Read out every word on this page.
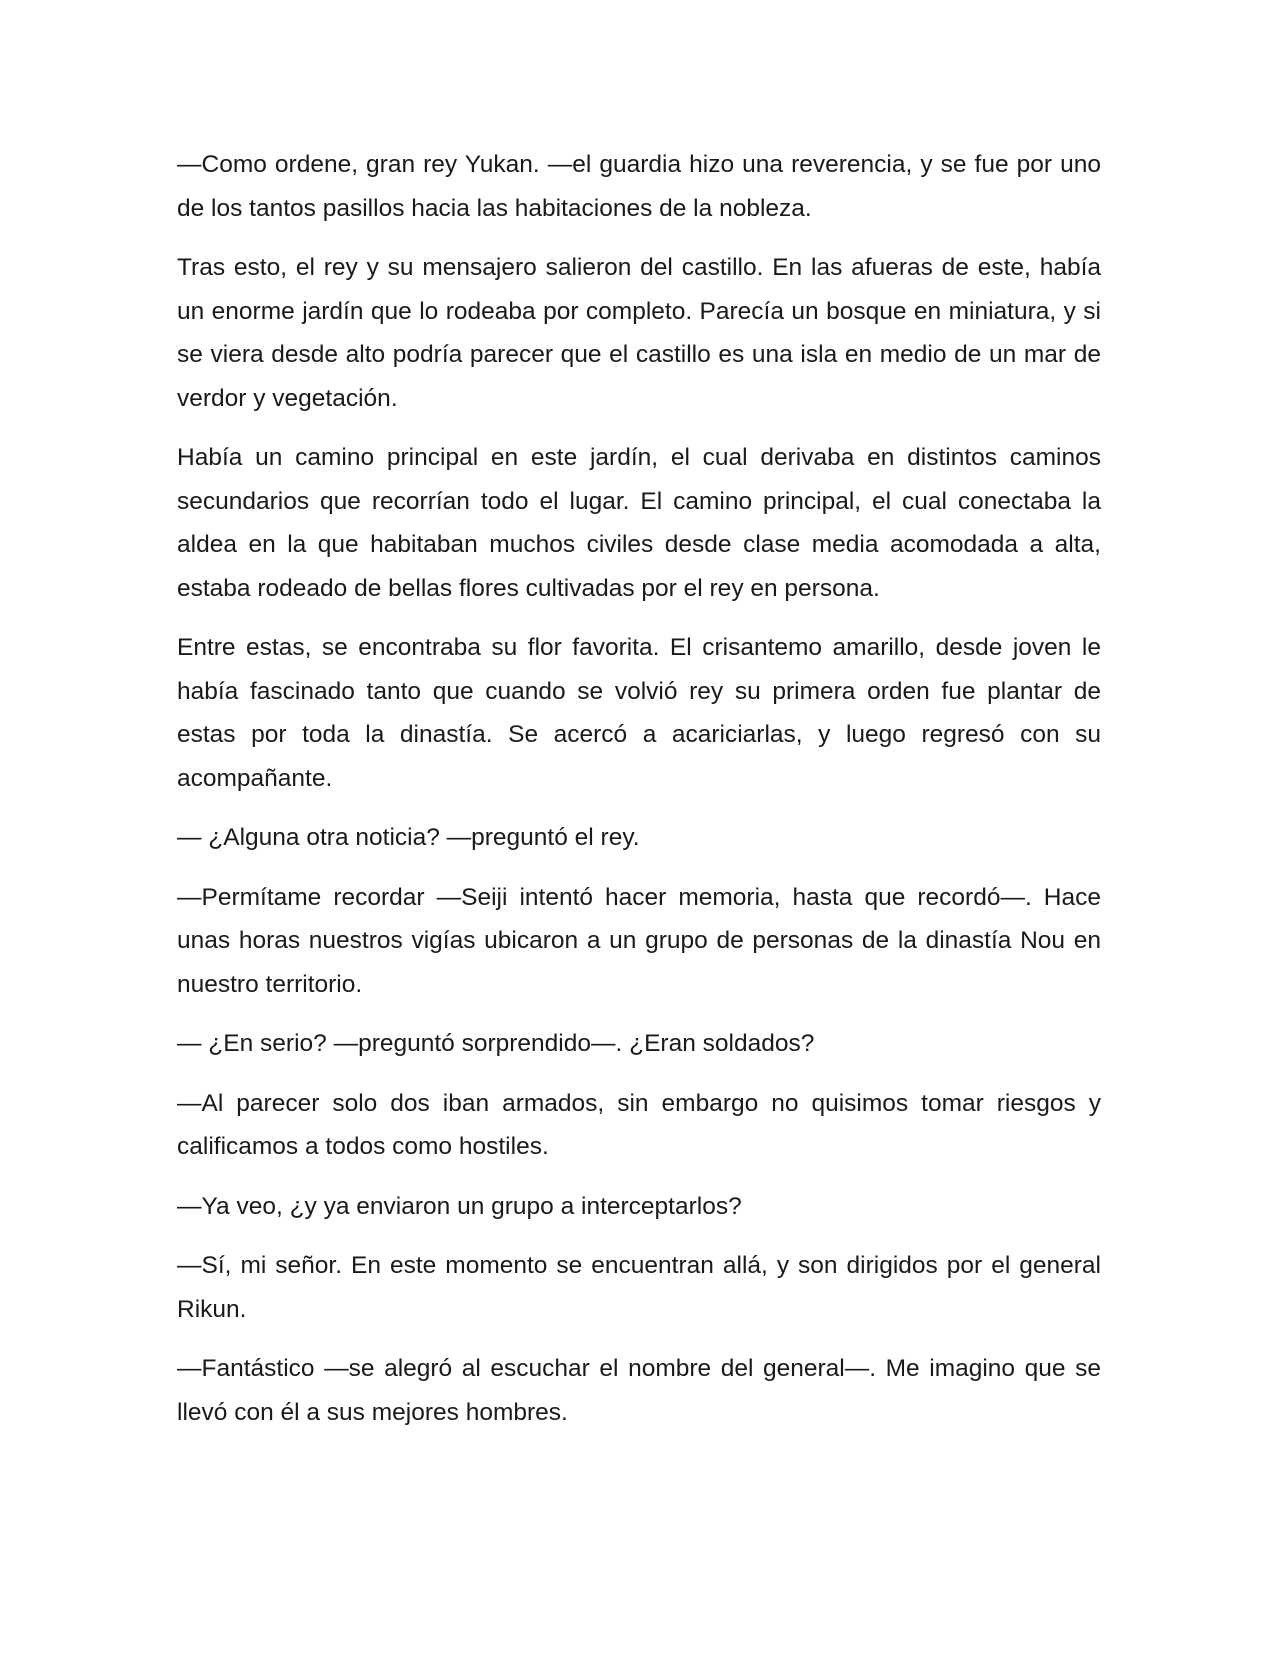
—Como ordene, gran rey Yukan. —el guardia hizo una reverencia, y se fue por uno de los tantos pasillos hacia las habitaciones de la nobleza.

Tras esto, el rey y su mensajero salieron del castillo. En las afueras de este, había un enorme jardín que lo rodeaba por completo. Parecía un bosque en miniatura, y si se viera desde alto podría parecer que el castillo es una isla en medio de un mar de verdor y vegetación.

Había un camino principal en este jardín, el cual derivaba en distintos caminos secundarios que recorrían todo el lugar. El camino principal, el cual conectaba la aldea en la que habitaban muchos civiles desde clase media acomodada a alta, estaba rodeado de bellas flores cultivadas por el rey en persona.

Entre estas, se encontraba su flor favorita. El crisantemo amarillo, desde joven le había fascinado tanto que cuando se volvió rey su primera orden fue plantar de estas por toda la dinastía. Se acercó a acariciarlas, y luego regresó con su acompañante.

— ¿Alguna otra noticia? —preguntó el rey.

—Permítame recordar —Seiji intentó hacer memoria, hasta que recordó—. Hace unas horas nuestros vigías ubicaron a un grupo de personas de la dinastía Nou en nuestro territorio.

— ¿En serio? —preguntó sorprendido—. ¿Eran soldados?

—Al parecer solo dos iban armados, sin embargo no quisimos tomar riesgos y calificamos a todos como hostiles.

—Ya veo, ¿y ya enviaron un grupo a interceptarlos?

—Sí, mi señor. En este momento se encuentran allá, y son dirigidos por el general Rikun.

—Fantástico —se alegró al escuchar el nombre del general—. Me imagino que se llevó con él a sus mejores hombres.
